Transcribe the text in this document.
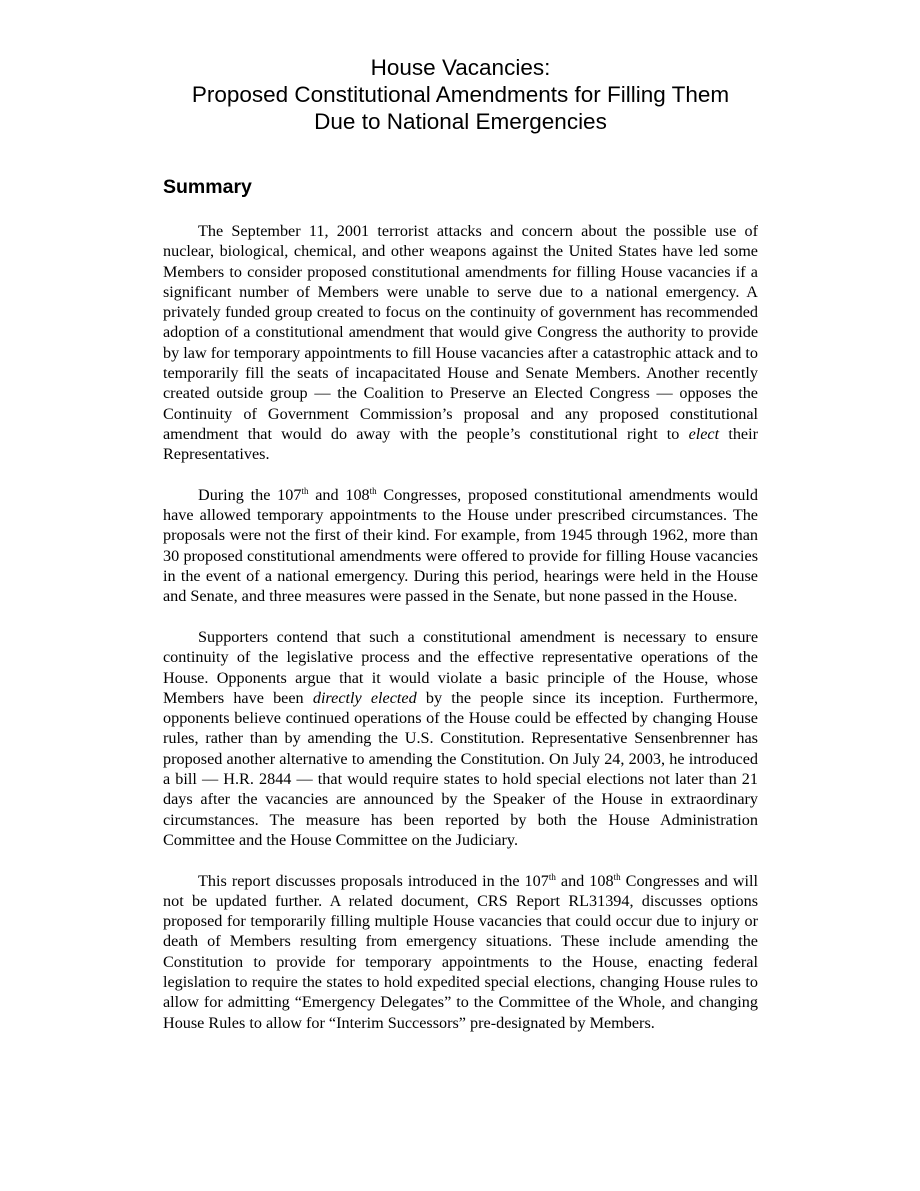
House Vacancies:
Proposed Constitutional Amendments for Filling Them
Due to National Emergencies
Summary

The September 11, 2001 terrorist attacks and concern about the possible use of nuclear, biological, chemical, and other weapons against the United States have led some Members to consider proposed constitutional amendments for filling House vacancies if a significant number of Members were unable to serve due to a national emergency. A privately funded group created to focus on the continuity of government has recommended adoption of a constitutional amendment that would give Congress the authority to provide by law for temporary appointments to fill House vacancies after a catastrophic attack and to temporarily fill the seats of incapacitated House and Senate Members. Another recently created outside group — the Coalition to Preserve an Elected Congress — opposes the Continuity of Government Commission’s proposal and any proposed constitutional amendment that would do away with the people’s constitutional right to elect their Representatives.

During the 107th and 108th Congresses, proposed constitutional amendments would have allowed temporary appointments to the House under prescribed circumstances. The proposals were not the first of their kind. For example, from 1945 through 1962, more than 30 proposed constitutional amendments were offered to provide for filling House vacancies in the event of a national emergency. During this period, hearings were held in the House and Senate, and three measures were passed in the Senate, but none passed in the House.

Supporters contend that such a constitutional amendment is necessary to ensure continuity of the legislative process and the effective representative operations of the House. Opponents argue that it would violate a basic principle of the House, whose Members have been directly elected by the people since its inception. Furthermore, opponents believe continued operations of the House could be effected by changing House rules, rather than by amending the U.S. Constitution. Representative Sensenbrenner has proposed another alternative to amending the Constitution. On July 24, 2003, he introduced a bill — H.R. 2844 — that would require states to hold special elections not later than 21 days after the vacancies are announced by the Speaker of the House in extraordinary circumstances. The measure has been reported by both the House Administration Committee and the House Committee on the Judiciary.

This report discusses proposals introduced in the 107th and 108th Congresses and will not be updated further. A related document, CRS Report RL31394, discusses options proposed for temporarily filling multiple House vacancies that could occur due to injury or death of Members resulting from emergency situations. These include amending the Constitution to provide for temporary appointments to the House, enacting federal legislation to require the states to hold expedited special elections, changing House rules to allow for admitting “Emergency Delegates” to the Committee of the Whole, and changing House Rules to allow for “Interim Successors” pre-designated by Members.
